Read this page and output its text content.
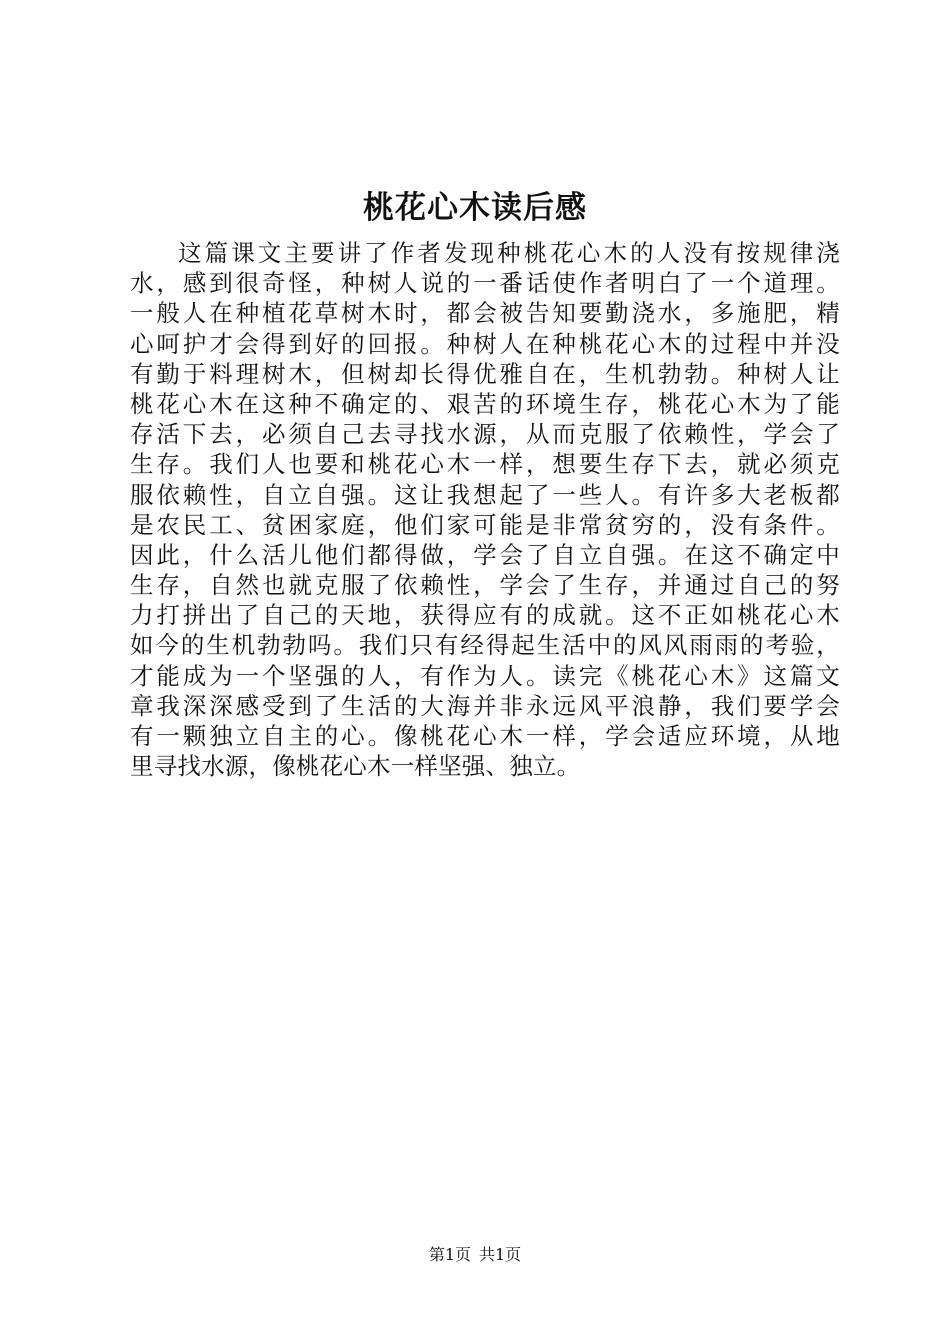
桃花心木读后感
这篇课文主要讲了作者发现种桃花心木的人没有按规律浇
水，感到很奇怪，种树人说的一番话使作者明白了一个道理。
一般人在种植花草树木时，都会被告知要勤浇水，多施肥，精
心呵护才会得到好的回报。种树人在种桃花心木的过程中并没
有勤于料理树木，但树却长得优雅自在，生机勃勃。种树人让
桃花心木在这种不确定的、艰苦的环境生存，桃花心木为了能
存活下去，必须自己去寻找水源，从而克服了依赖性，学会了
生存。我们人也要和桃花心木一样，想要生存下去，就必须克
服依赖性，自立自强。这让我想起了一些人。有许多大老板都
是农民工、贫困家庭，他们家可能是非常贫穷的，没有条件。
因此，什么活儿他们都得做，学会了自立自强。在这不确定中
生存，自然也就克服了依赖性，学会了生存，并通过自己的努
力打拼出了自己的天地，获得应有的成就。这不正如桃花心木
如今的生机勃勃吗。我们只有经得起生活中的风风雨雨的考验，
才能成为一个坚强的人，有作为人。读完《桃花心木》这篇文
章我深深感受到了生活的大海并非永远风平浪静，我们要学会
有一颗独立自主的心。像桃花心木一样，学会适应环境，从地
里寻找水源，像桃花心木一样坚强、独立。
第1页 共1页
